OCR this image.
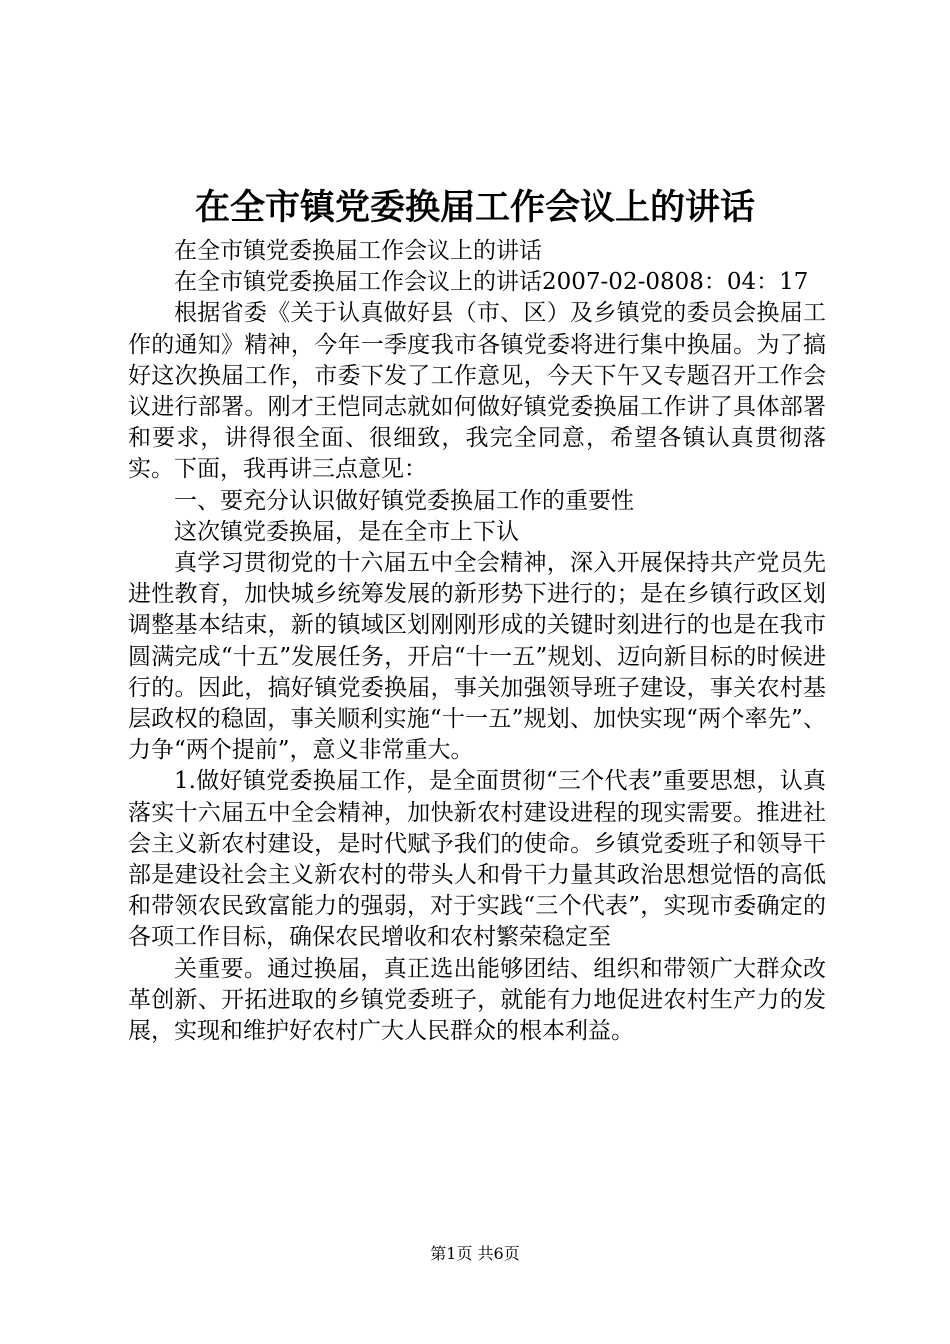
在全市镇党委换届工作会议上的讲话

在全市镇党委换届工作会议上的讲话

在全市镇党委换届工作会议上的讲话2007-02-0808：04：17

根据省委《关于认真做好县（市、区）及乡镇党的委员会换届工作的通知》精神，今年一季度我市各镇党委将进行集中换届。为了搞好这次换届工作，市委下发了工作意见，今天下午又专题召开工作会议进行部署。刚才王恺同志就如何做好镇党委换届工作讲了具体部署和要求，讲得很全面、很细致，我完全同意，希望各镇认真贯彻落实。下面，我再讲三点意见：

一、要充分认识做好镇党委换届工作的重要性

这次镇党委换届，是在全市上下认

真学习贯彻党的十六届五中全会精神，深入开展保持共产党员先进性教育，加快城乡统筹发展的新形势下进行的；是在乡镇行政区划调整基本结束，新的镇域区划刚刚形成的关键时刻进行的也是在我市圆满完成“十五”发展任务，开启“十一五”规划、迈向新目标的时候进行的。因此，搞好镇党委换届，事关加强领导班子建设，事关农村基层政权的稳固，事关顺利实施“十一五”规划、加快实现“两个率先”、力争“两个提前”，意义非常重大。

1.做好镇党委换届工作，是全面贯彻“三个代表”重要思想，认真落实十六届五中全会精神，加快新农村建设进程的现实需要。推进社会主义新农村建设，是时代赋予我们的使命。乡镇党委班子和领导干部是建设社会主义新农村的带头人和骨干力量其政治思想觉悟的高低和带领农民致富能力的强弱，对于实践“三个代表”，实现市委确定的各项工作目标，确保农民增收和农村繁荣稳定至

关重要。通过换届，真正选出能够团结、组织和带领广大群众改革创新、开拓进取的乡镇党委班子，就能有力地促进农村生产力的发展，实现和维护好农村广大人民群众的根本利益。

第1页 共6页
